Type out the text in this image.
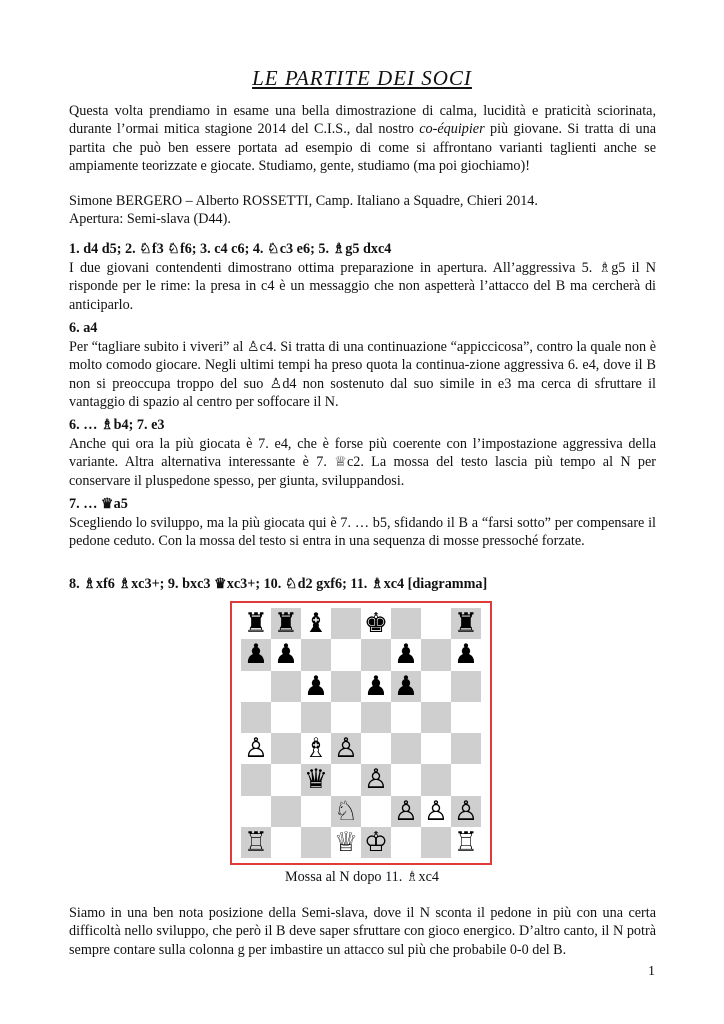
LE PARTITE DEI SOCI

Questa volta prendiamo in esame una bella dimostrazione di calma, lucidità e praticità sciorinata, durante l’ormai mitica stagione 2014 del C.I.S., dal nostro co-équipier più giovane. Si tratta di una partita che può ben essere portata ad esempio di come si affrontano varianti taglienti anche se ampiamente teorizzate e giocate. Studiamo, gente, studiamo (ma poi giochiamo)!

Simone BERGERO – Alberto ROSSETTI, Camp. Italiano a Squadre, Chieri 2014.

Apertura: Semi-slava (D44).

1. d4 d5; 2. ♘f3 ♘f6; 3. c4 c6; 4. ♘c3 e6; 5. ♗g5 dxc4

I due giovani contendenti dimostrano ottima preparazione in apertura. All’aggressiva 5. ♗g5 il N risponde per le rime: la presa in c4 è un messaggio che non aspetterà l’attacco del B ma cercherà di anticiparlo.

6. a4

Per “tagliare subito i viveri” al ♙c4. Si tratta di una continuazione “appiccicosa”, contro la quale non è molto comodo giocare. Negli ultimi tempi ha preso quota la continua-zione aggressiva 6. e4, dove il B non si preoccupa troppo del suo ♙d4 non sostenuto dal suo simile in e3 ma cerca di sfruttare il vantaggio di spazio al centro per soffocare il N.

6. … ♗b4; 7. e3

Anche qui ora la più giocata è 7. e4, che è forse più coerente con l’impostazione aggressiva della variante. Altra alternativa interessante è 7. ♕c2. La mossa del testo lascia più tempo al N per conservare il pluspedone spesso, per giunta, sviluppandosi.

7. … ♛a5

Scegliendo lo sviluppo, ma la più giocata qui è 7. … b5, sfidando il B a “farsi sotto” per compensare il pedone ceduto. Con la mossa del testo si entra in una sequenza di mosse pressoché forzate.

8. ♗xf6 ♗xc3+; 9. bxc3 ♛xc3+; 10. ♘d2 gxf6; 11. ♗xc4 [diagramma]

♜ ♜ ♝ ♚ ♜
♟ ♟	♟ ♟
♟ ♟ ♟
♙ ♗ ♙
♛ ♙
♘ ♙ ♙ ♙
♖ ♕ ♔ ♖
Mossa al N dopo 11. ♗xc4

Siamo in una ben nota posizione della Semi-slava, dove il N sconta il pedone in più con una certa difficoltà nello sviluppo, che però il B deve saper sfruttare con gioco energico. D’altro canto, il N potrà sempre contare sulla colonna g per imbastire un attacco sul più che probabile 0-0 del B.

1
